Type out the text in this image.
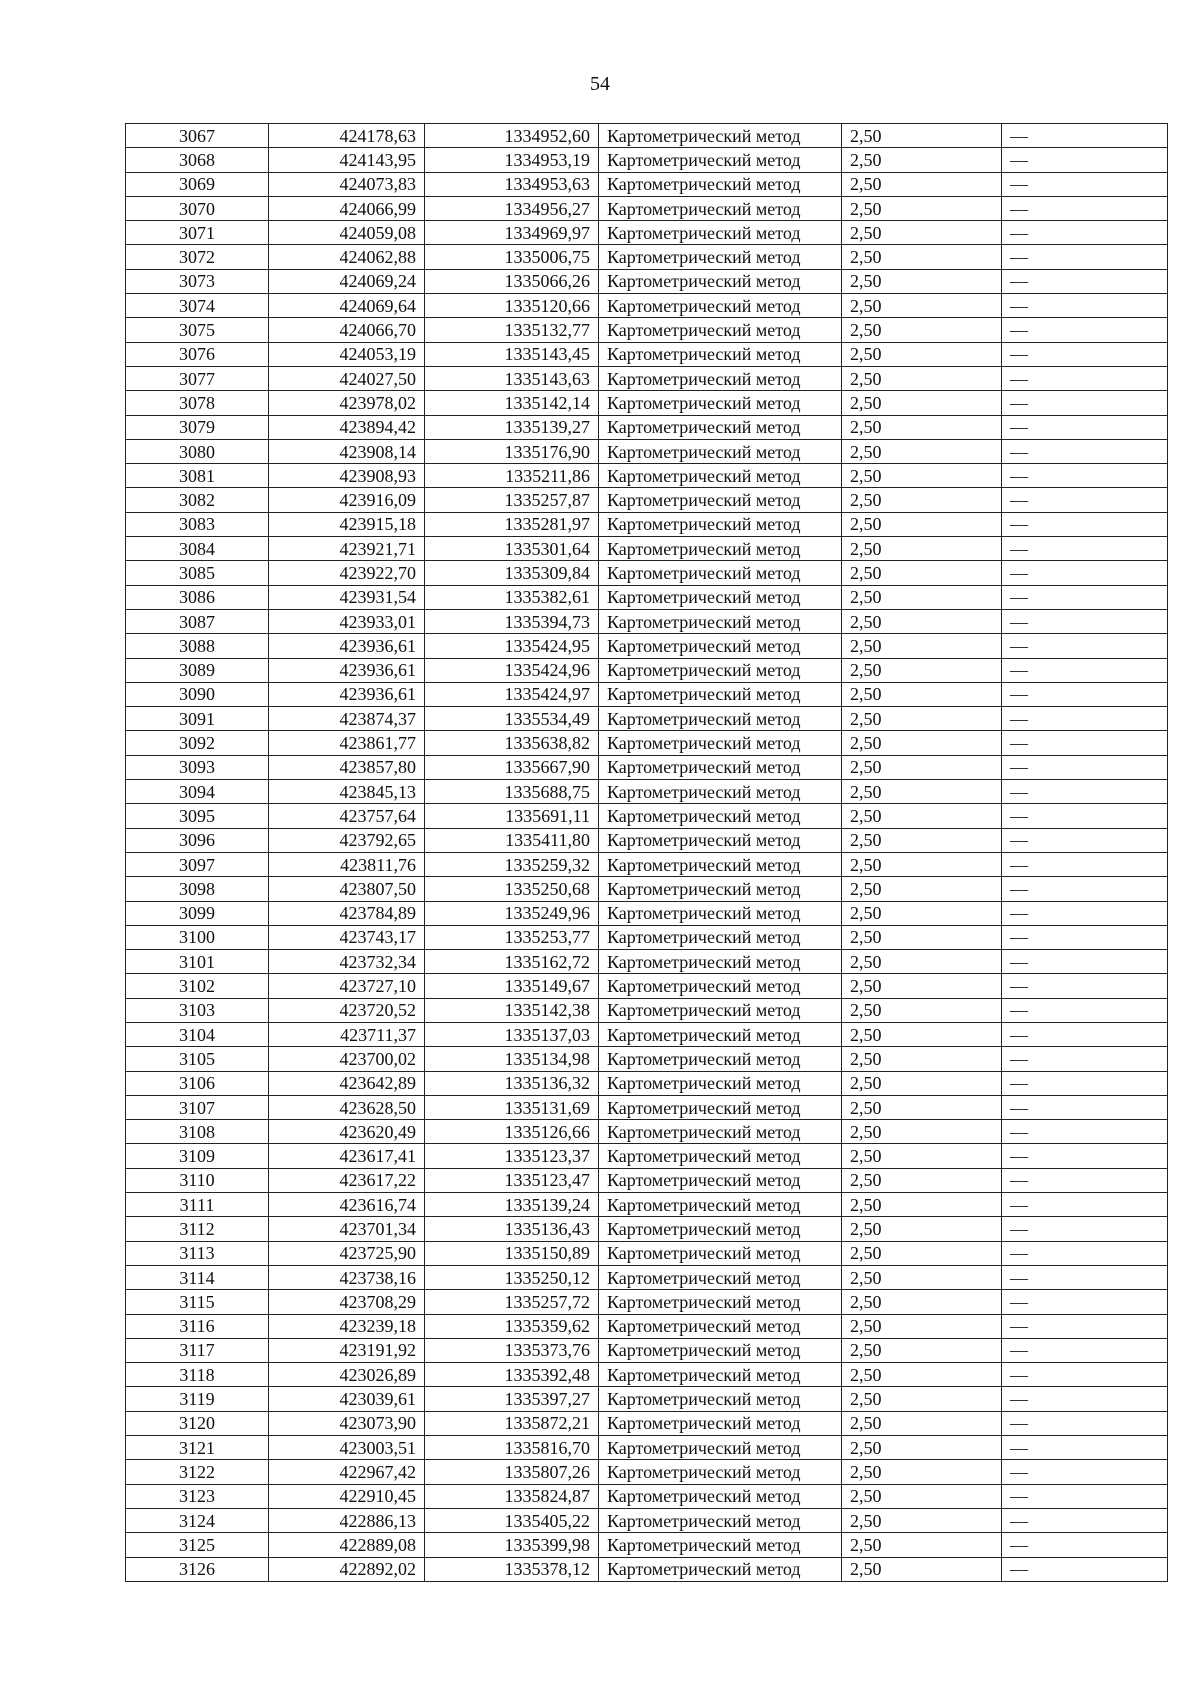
54
3067	424178,63	1334952,60	Картометрический метод	2,50	—
3068	424143,95	1334953,19	Картометрический метод	2,50	—
3069	424073,83	1334953,63	Картометрический метод	2,50	—
3070	424066,99	1334956,27	Картометрический метод	2,50	—
3071	424059,08	1334969,97	Картометрический метод	2,50	—
3072	424062,88	1335006,75	Картометрический метод	2,50	—
3073	424069,24	1335066,26	Картометрический метод	2,50	—
3074	424069,64	1335120,66	Картометрический метод	2,50	—
3075	424066,70	1335132,77	Картометрический метод	2,50	—
3076	424053,19	1335143,45	Картометрический метод	2,50	—
3077	424027,50	1335143,63	Картометрический метод	2,50	—
3078	423978,02	1335142,14	Картометрический метод	2,50	—
3079	423894,42	1335139,27	Картометрический метод	2,50	—
3080	423908,14	1335176,90	Картометрический метод	2,50	—
3081	423908,93	1335211,86	Картометрический метод	2,50	—
3082	423916,09	1335257,87	Картометрический метод	2,50	—
3083	423915,18	1335281,97	Картометрический метод	2,50	—
3084	423921,71	1335301,64	Картометрический метод	2,50	—
3085	423922,70	1335309,84	Картометрический метод	2,50	—
3086	423931,54	1335382,61	Картометрический метод	2,50	—
3087	423933,01	1335394,73	Картометрический метод	2,50	—
3088	423936,61	1335424,95	Картометрический метод	2,50	—
3089	423936,61	1335424,96	Картометрический метод	2,50	—
3090	423936,61	1335424,97	Картометрический метод	2,50	—
3091	423874,37	1335534,49	Картометрический метод	2,50	—
3092	423861,77	1335638,82	Картометрический метод	2,50	—
3093	423857,80	1335667,90	Картометрический метод	2,50	—
3094	423845,13	1335688,75	Картометрический метод	2,50	—
3095	423757,64	1335691,11	Картометрический метод	2,50	—
3096	423792,65	1335411,80	Картометрический метод	2,50	—
3097	423811,76	1335259,32	Картометрический метод	2,50	—
3098	423807,50	1335250,68	Картометрический метод	2,50	—
3099	423784,89	1335249,96	Картометрический метод	2,50	—
3100	423743,17	1335253,77	Картометрический метод	2,50	—
3101	423732,34	1335162,72	Картометрический метод	2,50	—
3102	423727,10	1335149,67	Картометрический метод	2,50	—
3103	423720,52	1335142,38	Картометрический метод	2,50	—
3104	423711,37	1335137,03	Картометрический метод	2,50	—
3105	423700,02	1335134,98	Картометрический метод	2,50	—
3106	423642,89	1335136,32	Картометрический метод	2,50	—
3107	423628,50	1335131,69	Картометрический метод	2,50	—
3108	423620,49	1335126,66	Картометрический метод	2,50	—
3109	423617,41	1335123,37	Картометрический метод	2,50	—
3110	423617,22	1335123,47	Картометрический метод	2,50	—
3111	423616,74	1335139,24	Картометрический метод	2,50	—
3112	423701,34	1335136,43	Картометрический метод	2,50	—
3113	423725,90	1335150,89	Картометрический метод	2,50	—
3114	423738,16	1335250,12	Картометрический метод	2,50	—
3115	423708,29	1335257,72	Картометрический метод	2,50	—
3116	423239,18	1335359,62	Картометрический метод	2,50	—
3117	423191,92	1335373,76	Картометрический метод	2,50	—
3118	423026,89	1335392,48	Картометрический метод	2,50	—
3119	423039,61	1335397,27	Картометрический метод	2,50	—
3120	423073,90	1335872,21	Картометрический метод	2,50	—
3121	423003,51	1335816,70	Картометрический метод	2,50	—
3122	422967,42	1335807,26	Картометрический метод	2,50	—
3123	422910,45	1335824,87	Картометрический метод	2,50	—
3124	422886,13	1335405,22	Картометрический метод	2,50	—
3125	422889,08	1335399,98	Картометрический метод	2,50	—
3126	422892,02	1335378,12	Картометрический метод	2,50	—
